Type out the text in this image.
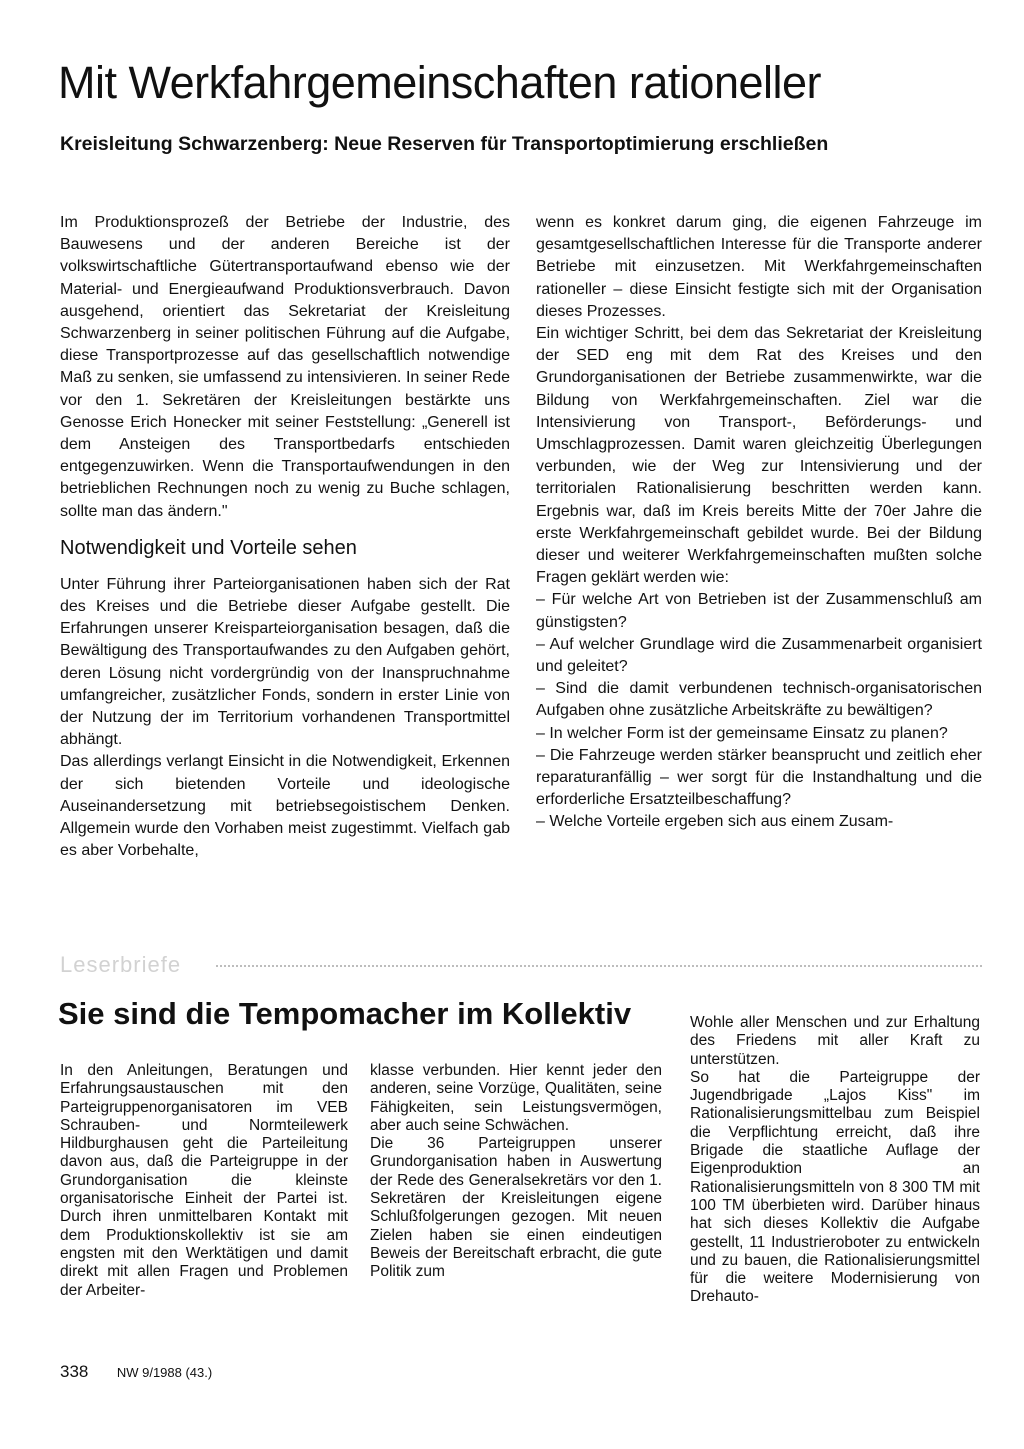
Mit Werkfahrgemeinschaften rationeller
Kreisleitung Schwarzenberg: Neue Reserven für Transportoptimierung erschließen

Im Produktionsprozeß der Betriebe der Industrie, des Bauwesens und der anderen Bereiche ist der volkswirtschaftliche Gütertransportaufwand ebenso wie der Material- und Energieaufwand Produktionsverbrauch. Davon ausgehend, orientiert das Sekretariat der Kreisleitung Schwarzenberg in seiner politischen Führung auf die Aufgabe, diese Transportprozesse auf das gesellschaftlich notwendige Maß zu senken, sie umfassend zu intensivieren. In seiner Rede vor den 1. Sekretären der Kreisleitungen bestärkte uns Genosse Erich Honecker mit seiner Feststellung: „Generell ist dem Ansteigen des Transportbedarfs entschieden entgegenzuwirken. Wenn die Transportaufwendungen in den betrieblichen Rechnungen noch zu wenig zu Buche schlagen, sollte man das ändern."

Notwendigkeit und Vorteile sehen

Unter Führung ihrer Parteiorganisationen haben sich der Rat des Kreises und die Betriebe dieser Aufgabe gestellt. Die Erfahrungen unserer Kreisparteiorganisation besagen, daß die Bewältigung des Transportaufwandes zu den Aufgaben gehört, deren Lösung nicht vordergründig von der Inanspruchnahme umfangreicher, zusätzlicher Fonds, sondern in erster Linie von der Nutzung der im Territorium vorhandenen Transportmittel abhängt.

Das allerdings verlangt Einsicht in die Notwendigkeit, Erkennen der sich bietenden Vorteile und ideologische Auseinandersetzung mit betriebsegoistischem Denken. Allgemein wurde den Vorhaben meist zugestimmt. Vielfach gab es aber Vorbehalte,

wenn es konkret darum ging, die eigenen Fahrzeuge im gesamtgesellschaftlichen Interesse für die Transporte anderer Betriebe mit einzusetzen. Mit Werkfahrgemeinschaften rationeller – diese Einsicht festigte sich mit der Organisation dieses Prozesses.

Ein wichtiger Schritt, bei dem das Sekretariat der Kreisleitung der SED eng mit dem Rat des Kreises und den Grundorganisationen der Betriebe zusammenwirkte, war die Bildung von Werkfahrgemeinschaften. Ziel war die Intensivierung von Transport-, Beförderungs- und Umschlagprozessen. Damit waren gleichzeitig Überlegungen verbunden, wie der Weg zur Intensivierung und der territorialen Rationalisierung beschritten werden kann. Ergebnis war, daß im Kreis bereits Mitte der 70er Jahre die erste Werkfahrgemeinschaft gebildet wurde. Bei der Bildung dieser und weiterer Werkfahrgemeinschaften mußten solche Fragen geklärt werden wie:

– Für welche Art von Betrieben ist der Zusammenschluß am günstigsten?

– Auf welcher Grundlage wird die Zusammenarbeit organisiert und geleitet?

– Sind die damit verbundenen technisch-organisatorischen Aufgaben ohne zusätzliche Arbeitskräfte zu bewältigen?

– In welcher Form ist der gemeinsame Einsatz zu planen?

– Die Fahrzeuge werden stärker beansprucht und zeitlich eher reparaturanfällig – wer sorgt für die Instandhaltung und die erforderliche Ersatzteilbeschaffung?

– Welche Vorteile ergeben sich aus einem Zusam-

Leserbriefe
Sie sind die Tempomacher im Kollektiv

In den Anleitungen, Beratungen und Erfahrungsaustauschen mit den Parteigruppenorganisatoren im VEB Schrauben- und Normteilewerk Hildburghausen geht die Parteileitung davon aus, daß die Parteigruppe in der Grundorganisation die kleinste organisatorische Einheit der Partei ist. Durch ihren unmittelbaren Kontakt mit dem Produktionskollektiv ist sie am engsten mit den Werktätigen und damit direkt mit allen Fragen und Problemen der Arbeiter-

klasse verbunden. Hier kennt jeder den anderen, seine Vorzüge, Qualitäten, seine Fähigkeiten, sein Leistungsvermögen, aber auch seine Schwächen.

Die 36 Parteigruppen unserer Grundorganisation haben in Auswertung der Rede des Generalsekretärs vor den 1. Sekretären der Kreisleitungen eigene Schlußfolgerungen gezogen. Mit neuen Zielen haben sie einen eindeutigen Beweis der Bereitschaft erbracht, die gute Politik zum

Wohle aller Menschen und zur Erhaltung des Friedens mit aller Kraft zu unterstützen.

So hat die Parteigruppe der Jugendbrigade „Lajos Kiss" im Rationalisierungsmittelbau zum Beispiel die Verpflichtung erreicht, daß ihre Brigade die staatliche Auflage der Eigenproduktion an Rationalisierungsmitteln von 8 300 TM mit 100 TM überbieten wird. Darüber hinaus hat sich dieses Kollektiv die Aufgabe gestellt, 11 Industrieroboter zu entwickeln und zu bauen, die Rationalisierungsmittel für die weitere Modernisierung von Drehauto-

338 NW 9/1988 (43.)
